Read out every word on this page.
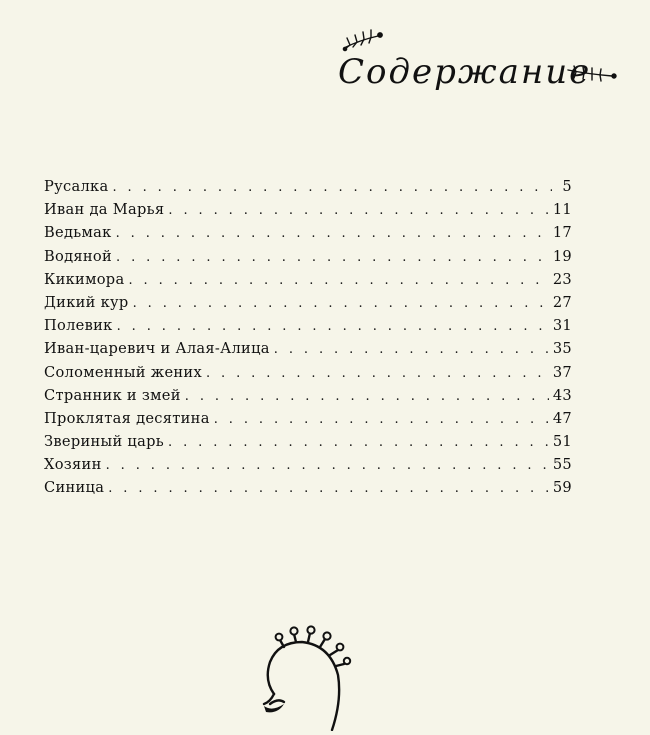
Содержание
Русалка . . .	5
Иван да Марья . . .	11
Ведьмак . . .	17
Водяной . . .	19
Кикимора . . .	23
Дикий кур . . .	27
Полевик . . .	31
Иван-царевич и Алая-Алица . . .	35
Соломенный жених . . .	37
Странник и змей . . .	43
Проклятая десятина . . .	47
Звериный царь . . .	51
Хозяин . . .	55
Синица . . .	59
